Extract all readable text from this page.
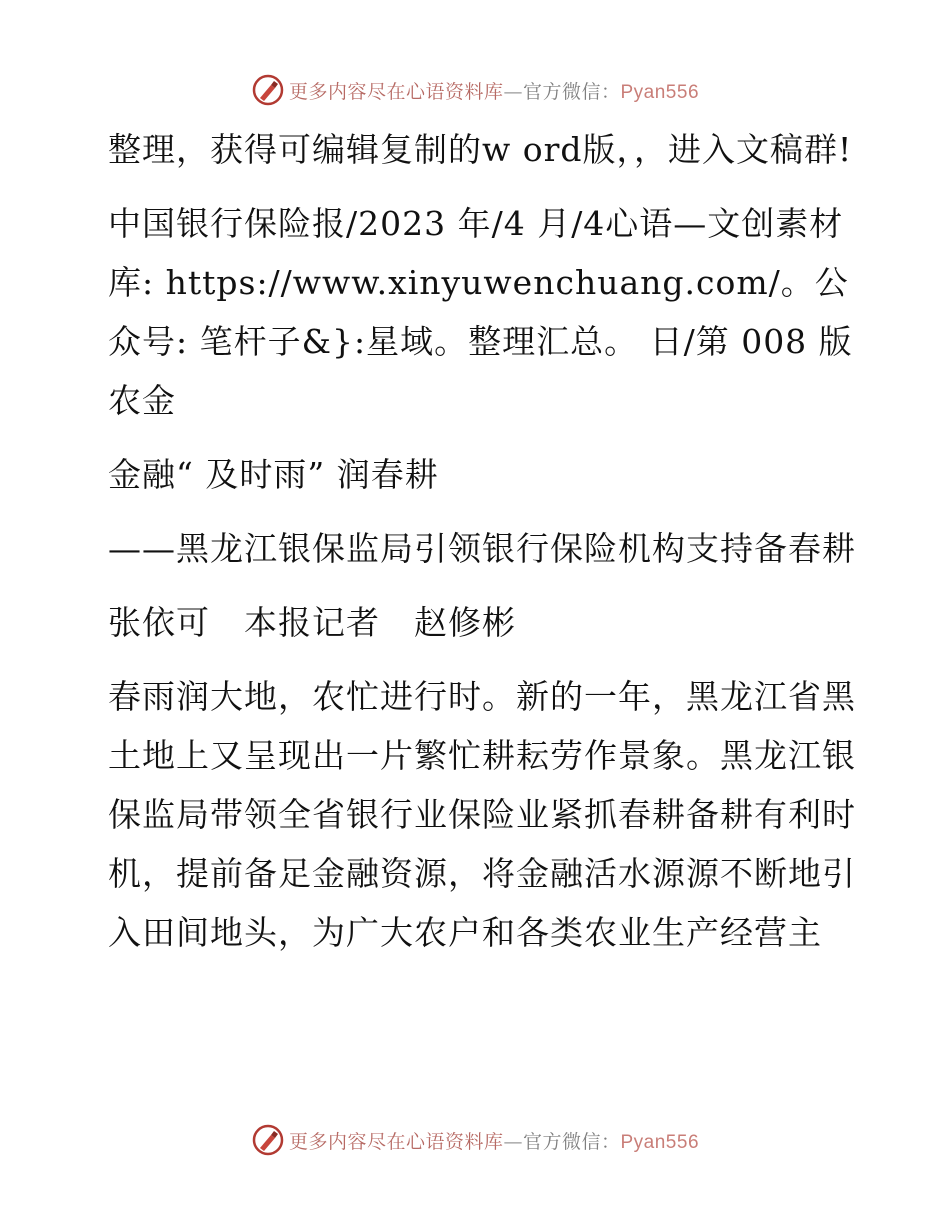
更多内容尽在心语资料库—官方微信：Pyan556

整理，获得可编辑复制的w ord版，，进入文稿群!

中国银行保险报/2023 年/4 月/4心语—文创素材库: https://www.xinyuwenchuang.com/。公众号: 笔杆子&}:星域。整理汇总。 日/第 008 版农金

金融“ 及时雨” 润春耕

——黑龙江银保监局引领银行保险机构支持备春耕

张依可　本报记者　赵修彬

春雨润大地，农忙进行时。新的一年，黑龙江省黑土地上又呈现出一片繁忙耕耘劳作景象。黑龙江银保监局带领全省银行业保险业紧抓春耕备耕有利时机，提前备足金融资源，将金融活水源源不断地引入田间地头，为广大农户和各类农业生产经营主

更多内容尽在心语资料库—官方微信：Pyan556
